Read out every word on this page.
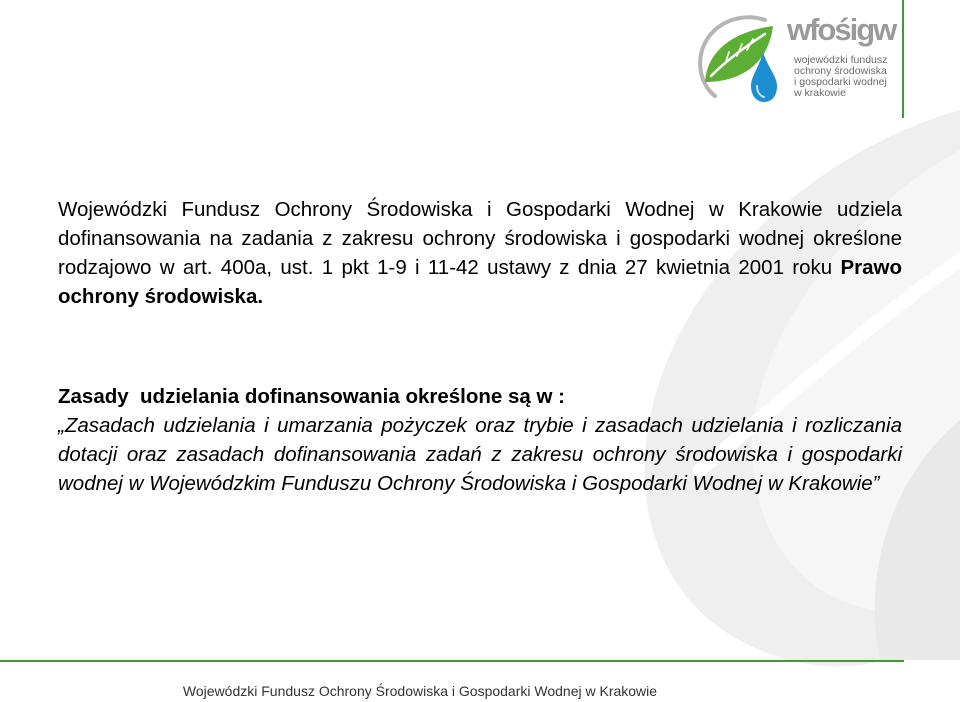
wfośigw
wojewódzki fundusz
ochrony środowiska
i gospodarki wodnej
w krakowie

Wojewódzki Fundusz Ochrony Środowiska i Gospodarki Wodnej w Krakowie udziela dofinansowania na zadania z zakresu ochrony środowiska i gospodarki wodnej określone rodzajowo w art. 400a, ust. 1 pkt 1-9 i 11-42 ustawy z dnia 27 kwietnia 2001 roku Prawo ochrony środowiska.

Zasady  udzielania dofinansowania określone są w :

„Zasadach udzielania i umarzania pożyczek oraz trybie i zasadach udzielania i rozliczania dotacji oraz zasadach dofinansowania zadań z zakresu ochrony środowiska i gospodarki wodnej w Wojewódzkim Funduszu Ochrony Środowiska i Gospodarki Wodnej w Krakowie”

Wojewódzki Fundusz Ochrony Środowiska i Gospodarki Wodnej w Krakowie
